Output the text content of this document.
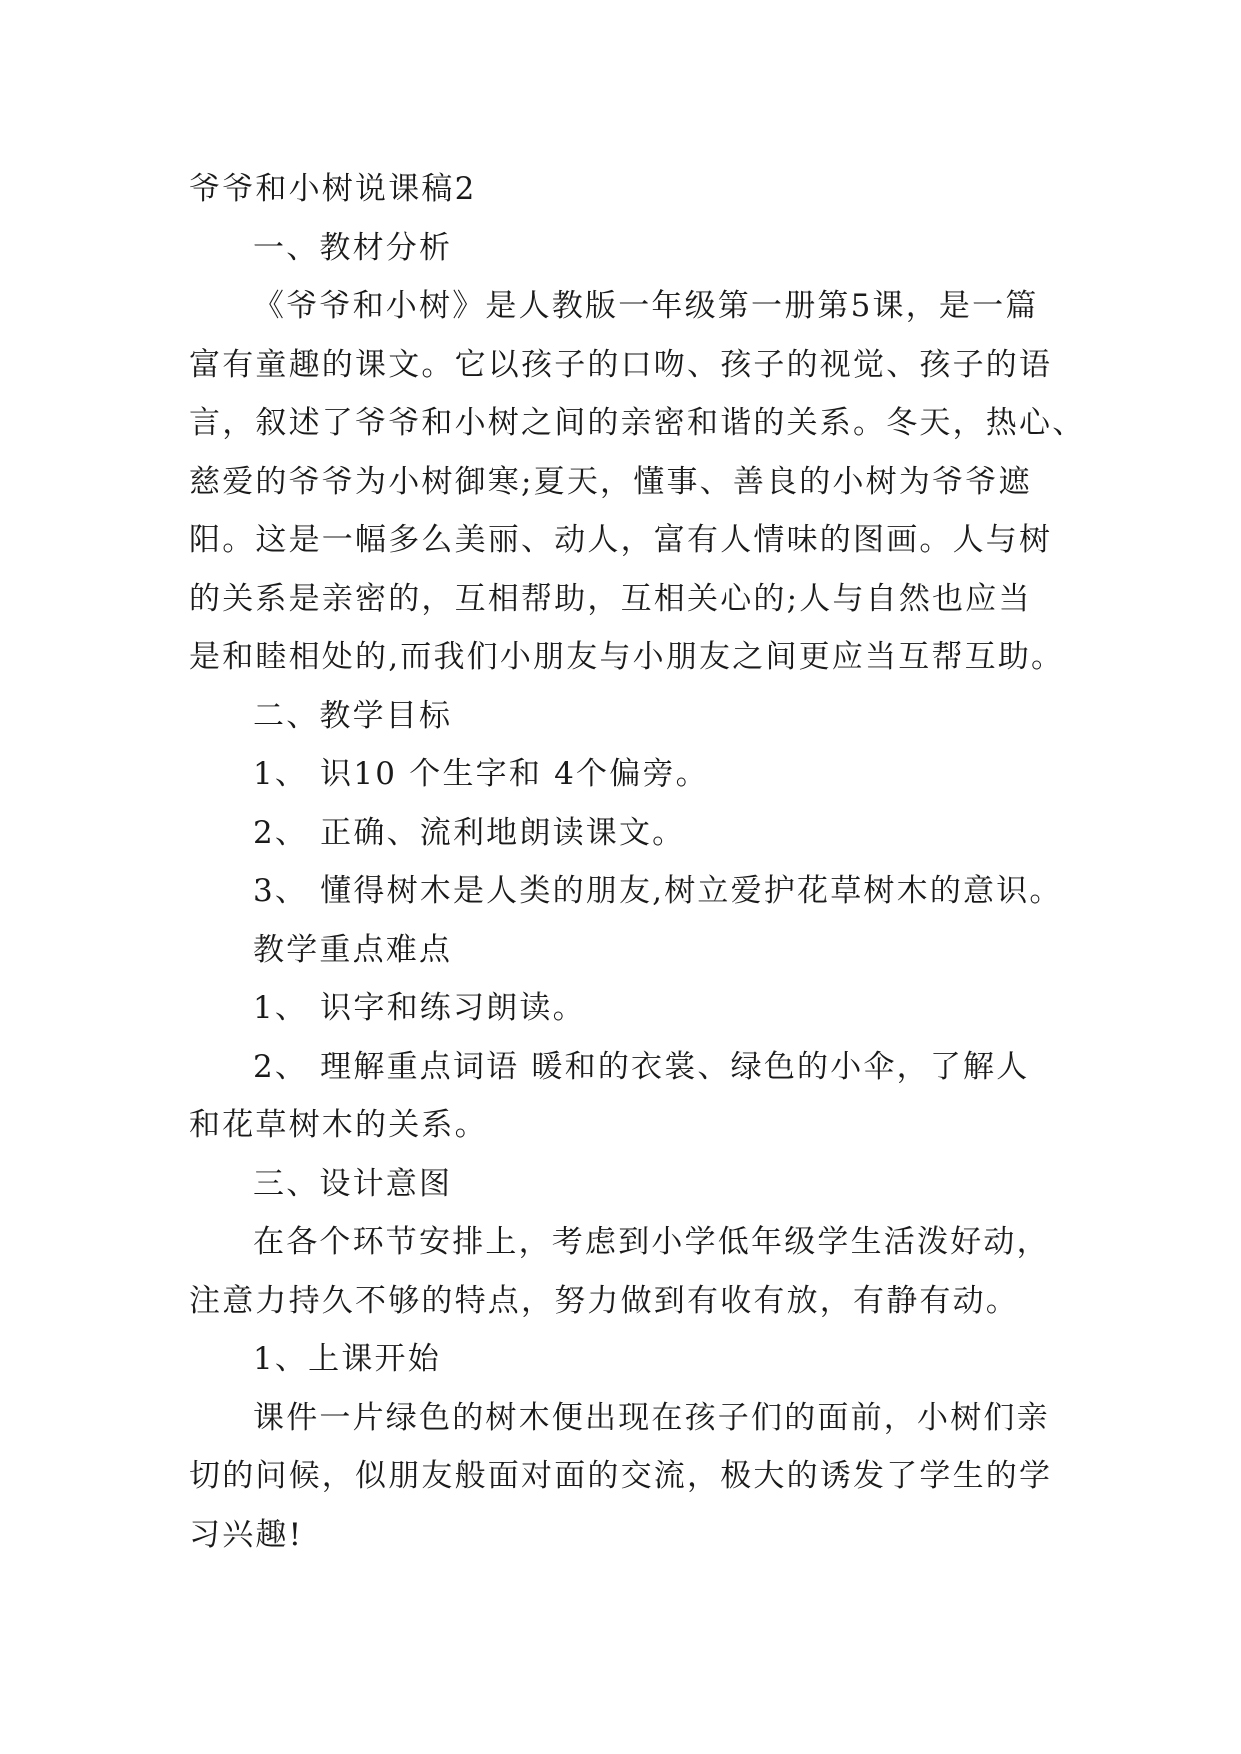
爷爷和小树说课稿2

一、教材分析

《爷爷和小树》是人教版一年级第一册第5课，是一篇

富有童趣的课文。它以孩子的口吻、孩子的视觉、孩子的语

言，叙述了爷爷和小树之间的亲密和谐的关系。冬天，热心、

慈爱的爷爷为小树御寒;夏天，懂事、善良的小树为爷爷遮

阳。这是一幅多么美丽、动人，富有人情味的图画。人与树

的关系是亲密的，互相帮助，互相关心的;人与自然也应当

是和睦相处的,而我们小朋友与小朋友之间更应当互帮互助。

二、教学目标

1、 识10 个生字和 4个偏旁。

2、 正确、流利地朗读课文。

3、 懂得树木是人类的朋友,树立爱护花草树木的意识。

教学重点难点

1、 识字和练习朗读。

2、 理解重点词语 暖和的衣裳、绿色的小伞，了解人

和花草树木的关系。

三、设计意图

在各个环节安排上，考虑到小学低年级学生活泼好动，

注意力持久不够的特点，努力做到有收有放，有静有动。

1、上课开始

课件一片绿色的树木便出现在孩子们的面前，小树们亲

切的问候，似朋友般面对面的交流，极大的诱发了学生的学

习兴趣!
